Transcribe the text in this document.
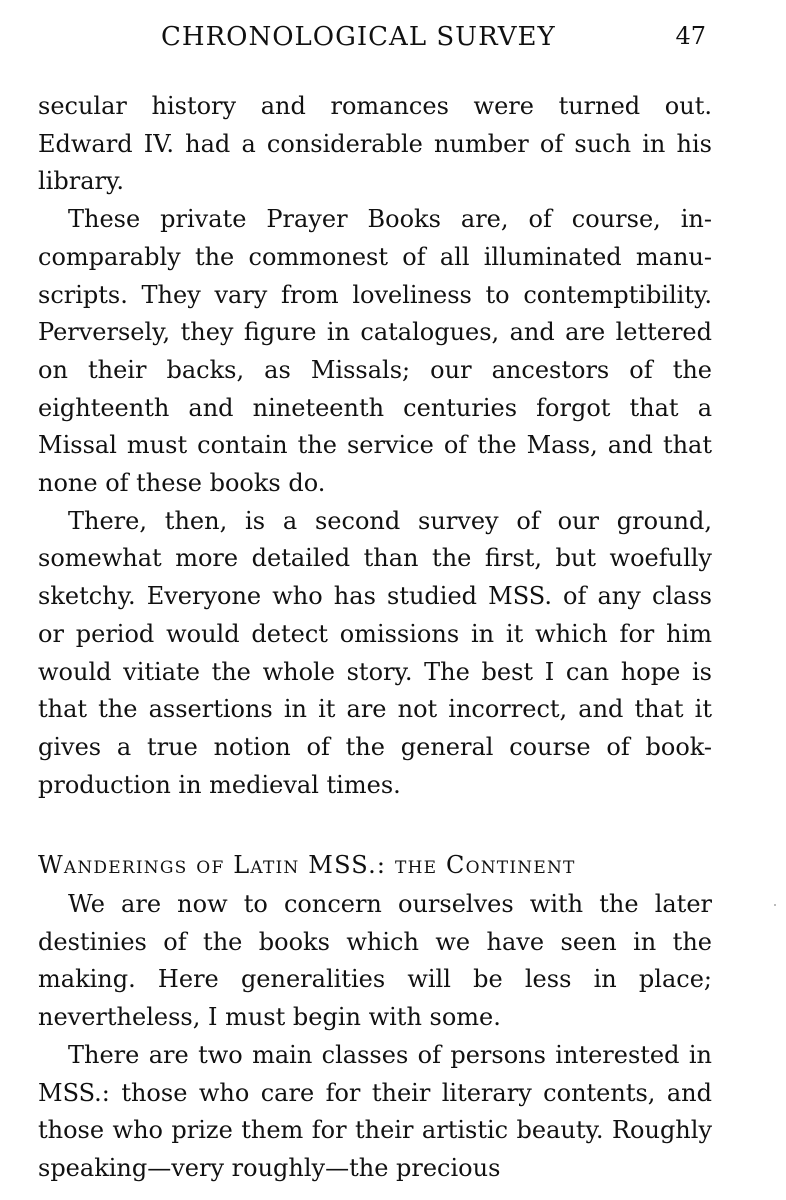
CHRONOLOGICAL SURVEY	47

secular history and romances were turned out. Edward IV. had a considerable number of such in his library.

These private Prayer Books are, of course, incomparably the commonest of all illuminated manuscripts. They vary from loveliness to contemptibility. Perversely, they figure in catalogues, and are lettered on their backs, as Missals; our ancestors of the eighteenth and nineteenth centuries forgot that a Missal must contain the service of the Mass, and that none of these books do.

There, then, is a second survey of our ground, somewhat more detailed than the first, but woefully sketchy. Everyone who has studied MSS. of any class or period would detect omissions in it which for him would vitiate the whole story. The best I can hope is that the assertions in it are not incorrect, and that it gives a true notion of the general course of book-production in medieval times.

Wanderings of Latin MSS.: the Continent

We are now to concern ourselves with the later destinies of the books which we have seen in the making. Here generalities will be less in place; nevertheless, I must begin with some.

There are two main classes of persons interested in MSS.: those who care for their literary contents, and those who prize them for their artistic beauty. Roughly speaking—very roughly—the precious
